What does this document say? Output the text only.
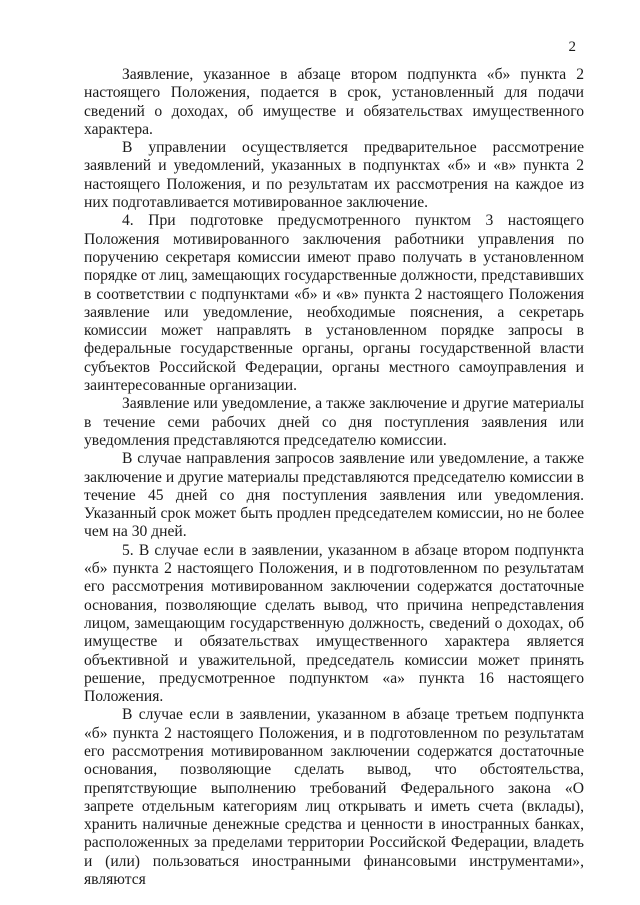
2

Заявление, указанное в абзаце втором подпункта «б» пункта 2 настоящего Положения, подается в срок, установленный для подачи сведений о доходах, об имуществе и обязательствах имущественного характера.

В управлении осуществляется предварительное рассмотрение заявлений и уведомлений, указанных в подпунктах «б» и «в» пункта 2 настоящего Положения, и по результатам их рассмотрения на каждое из них подготавливается мотивированное заключение.

4. При подготовке предусмотренного пунктом 3 настоящего Положения мотивированного заключения работники управления по поручению секретаря комиссии имеют право получать в установленном порядке от лиц, замещающих государственные должности, представивших в соответствии с подпунктами «б» и «в» пункта 2 настоящего Положения заявление или уведомление, необходимые пояснения, а секретарь комиссии может направлять в установленном порядке запросы в федеральные государственные органы, органы государственной власти субъектов Российской Федерации, органы местного самоуправления и заинтересованные организации.

Заявление или уведомление, а также заключение и другие материалы в течение семи рабочих дней со дня поступления заявления или уведомления представляются председателю комиссии.

В случае направления запросов заявление или уведомление, а также заключение и другие материалы представляются председателю комиссии в течение 45 дней со дня поступления заявления или уведомления. Указанный срок может быть продлен председателем комиссии, но не более чем на 30 дней.

5. В случае если в заявлении, указанном в абзаце втором подпункта «б» пункта 2 настоящего Положения, и в подготовленном по результатам его рассмотрения мотивированном заключении содержатся достаточные основания, позволяющие сделать вывод, что причина непредставления лицом, замещающим государственную должность, сведений о доходах, об имуществе и обязательствах имущественного характера является объективной и уважительной, председатель комиссии может принять решение, предусмотренное подпунктом «а» пункта 16 настоящего Положения.

В случае если в заявлении, указанном в абзаце третьем подпункта «б» пункта 2 настоящего Положения, и в подготовленном по результатам его рассмотрения мотивированном заключении содержатся достаточные основания, позволяющие сделать вывод, что обстоятельства, препятствующие выполнению требований Федерального закона «О запрете отдельным категориям лиц открывать и иметь счета (вклады), хранить наличные денежные средства и ценности в иностранных банках, расположенных за пределами территории Российской Федерации, владеть и (или) пользоваться иностранными финансовыми инструментами», являются
